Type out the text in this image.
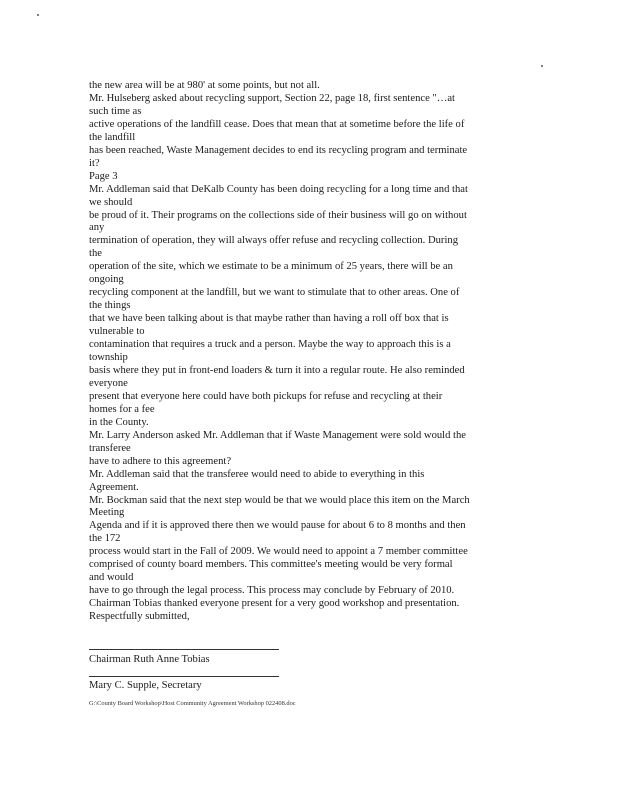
the new area will be at 980' at some points, but not all.
Mr. Hulseberg asked about recycling support, Section 22, page 18, first sentence "…at
such time as
active operations of the landfill cease. Does that mean that at sometime before the life of
the landfill
has been reached, Waste Management decides to end its recycling program and terminate
it?
Page 3
Mr. Addleman said that DeKalb County has been doing recycling for a long time and that
we should
be proud of it. Their programs on the collections side of their business will go on without
any
termination of operation, they will always offer refuse and recycling collection. During
the
operation of the site, which we estimate to be a minimum of 25 years, there will be an
ongoing
recycling component at the landfill, but we want to stimulate that to other areas. One of
the things
that we have been talking about is that maybe rather than having a roll off box that is
vulnerable to
contamination that requires a truck and a person. Maybe the way to approach this is a
township
basis where they put in front-end loaders & turn it into a regular route. He also reminded
everyone
present that everyone here could have both pickups for refuse and recycling at their
homes for a fee
in the County.
Mr. Larry Anderson asked Mr. Addleman that if Waste Management were sold would the
transferee
have to adhere to this agreement?
Mr. Addleman said that the transferee would need to abide to everything in this
Agreement.
Mr. Bockman said that the next step would be that we would place this item on the March
Meeting
Agenda and if it is approved there then we would pause for about 6 to 8 months and then
the 172
process would start in the Fall of 2009. We would need to appoint a 7 member committee
comprised of county board members. This committee's meeting would be very formal
and would
have to go through the legal process. This process may conclude by February of 2010.
Chairman Tobias thanked everyone present for a very good workshop and presentation.
Respectfully submitted,
Chairman Ruth Anne Tobias
Mary C. Supple, Secretary
G:\County Board Workshop\Host Community Agreement Workshop 022408.doc
